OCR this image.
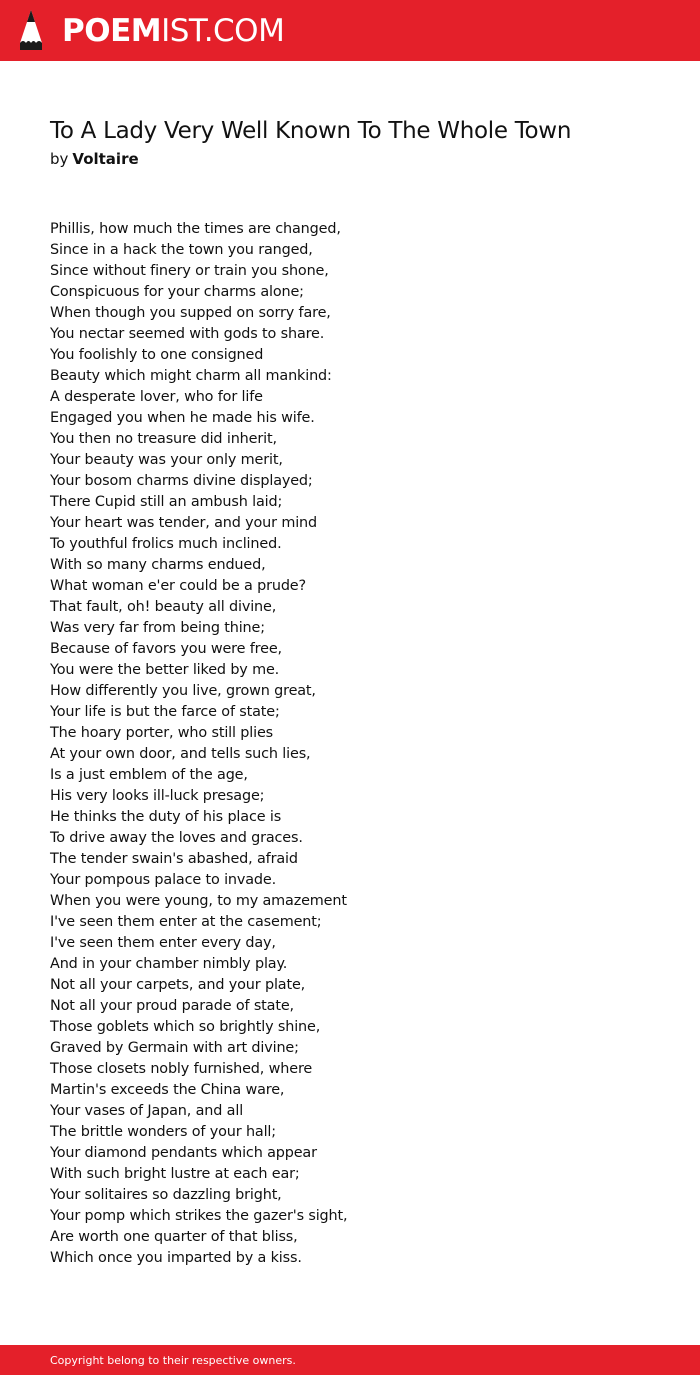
POEMIST.COM
To A Lady Very Well Known To The Whole Town
by Voltaire
Phillis, how much the times are changed,
Since in a hack the town you ranged,
Since without finery or train you shone,
Conspicuous for your charms alone;
When though you supped on sorry fare,
You nectar seemed with gods to share.
You foolishly to one consigned
Beauty which might charm all mankind:
A desperate lover, who for life
Engaged you when he made his wife.
You then no treasure did inherit,
Your beauty was your only merit,
Your bosom charms divine displayed;
There Cupid still an ambush laid;
Your heart was tender, and your mind
To youthful frolics much inclined.
With so many charms endued,
What woman e'er could be a prude?
That fault, oh! beauty all divine,
Was very far from being thine;
Because of favors you were free,
You were the better liked by me.
How differently you live, grown great,
Your life is but the farce of state;
The hoary porter, who still plies
At your own door, and tells such lies,
Is a just emblem of the age,
His very looks ill-luck presage;
He thinks the duty of his place is
To drive away the loves and graces.
The tender swain's abashed, afraid
Your pompous palace to invade.
When you were young, to my amazement
I've seen them enter at the casement;
I've seen them enter every day,
And in your chamber nimbly play.
Not all your carpets, and your plate,
Not all your proud parade of state,
Those goblets which so brightly shine,
Graved by Germain with art divine;
Those closets nobly furnished, where
Martin's exceeds the China ware,
Your vases of Japan, and all
The brittle wonders of your hall;
Your diamond pendants which appear
With such bright lustre at each ear;
Your solitaires so dazzling bright,
Your pomp which strikes the gazer's sight,
Are worth one quarter of that bliss,
Which once you imparted by a kiss.
Copyright belong to their respective owners.
